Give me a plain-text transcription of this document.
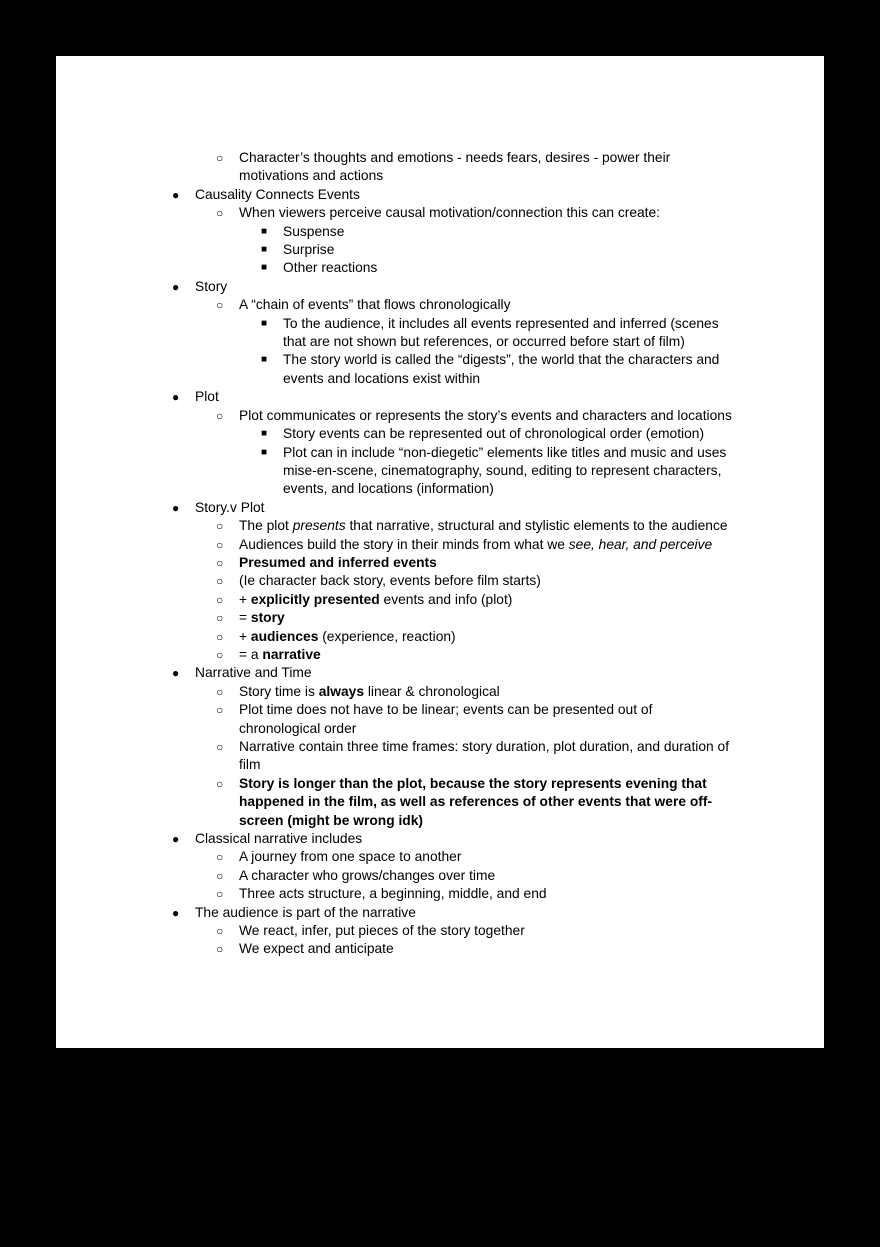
○ Character’s thoughts and emotions - needs fears, desires - power their motivations and actions
● Causality Connects Events
○ When viewers perceive causal motivation/connection this can create:
■ Suspense
■ Surprise
■ Other reactions
● Story
○ A “chain of events” that flows chronologically
■ To the audience, it includes all events represented and inferred (scenes that are not shown but references, or occurred before start of film)
■ The story world is called the “digests”, the world that the characters and events and locations exist within
● Plot
○ Plot communicates or represents the story’s events and characters and locations
■ Story events can be represented out of chronological order (emotion)
■ Plot can in include “non-diegetic” elements like titles and music and uses mise-en-scene, cinematography, sound, editing to represent characters, events, and locations (information)
● Story.v Plot
○ The plot presents that narrative, structural and stylistic elements to the audience
○ Audiences build the story in their minds from what we see, hear, and perceive
○ Presumed and inferred events
○ (Ie character back story, events before film starts)
○ + explicitly presented events and info (plot)
○ = story
○ + audiences (experience, reaction)
○ = a narrative
● Narrative and Time
○ Story time is always linear & chronological
○ Plot time does not have to be linear; events can be presented out of chronological order
○ Narrative contain three time frames: story duration, plot duration, and duration of film
○ Story is longer than the plot, because the story represents evening that happened in the film, as well as references of other events that were off-screen (might be wrong idk)
● Classical narrative includes
○ A journey from one space to another
○ A character who grows/changes over time
○ Three acts structure, a beginning, middle, and end
● The audience is part of the narrative
○ We react, infer, put pieces of the story together
○ We expect and anticipate
